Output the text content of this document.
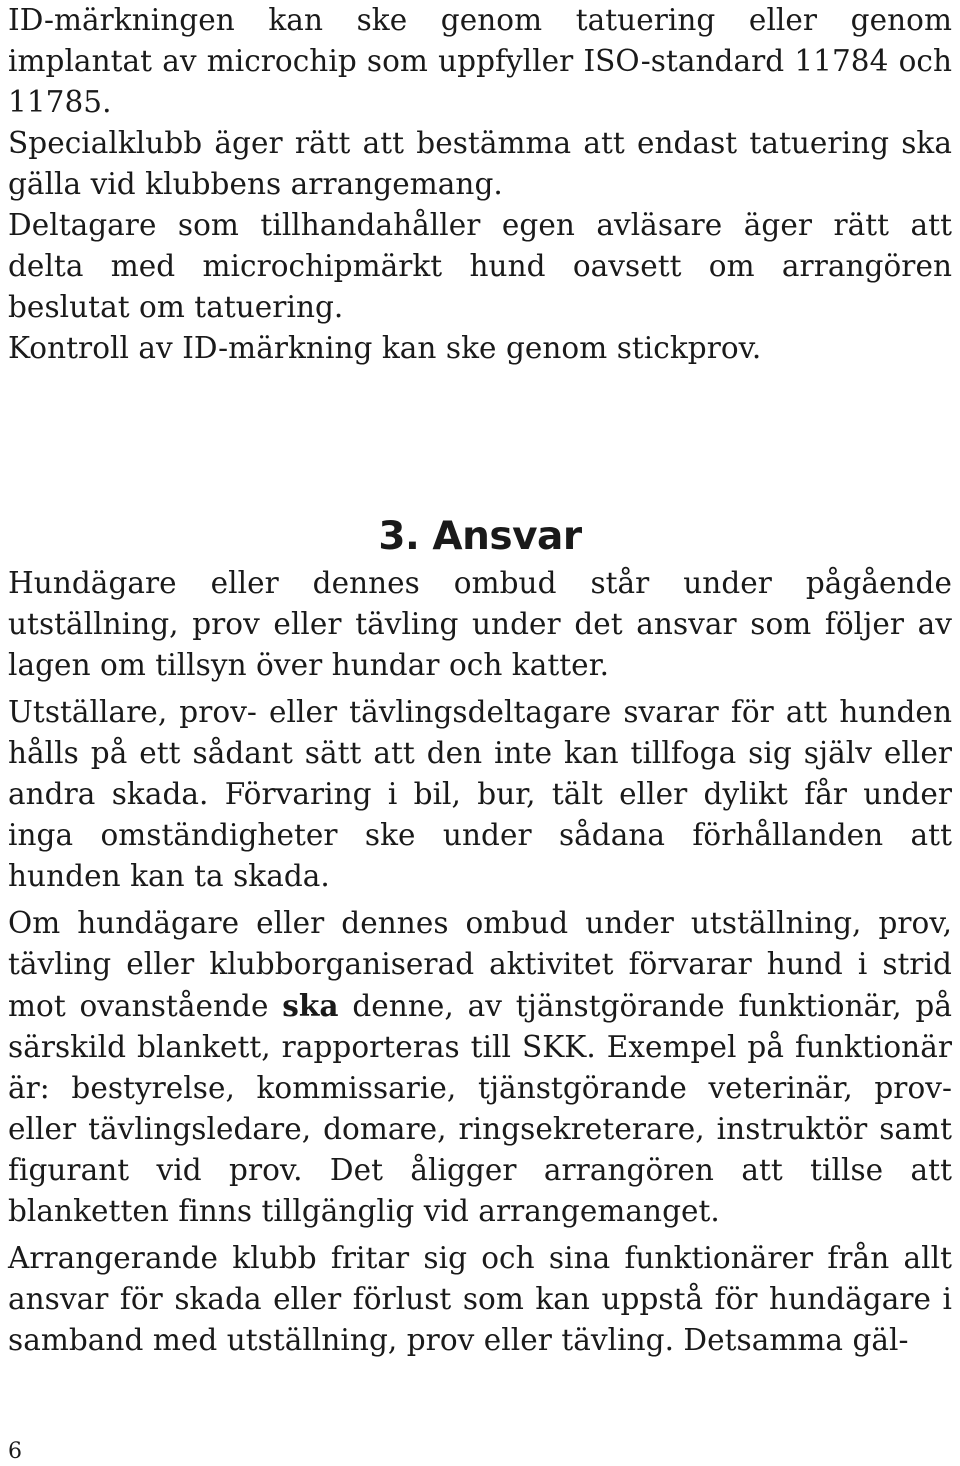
ID-märkningen kan ske genom tatuering eller genom implantat av microchip som uppfyller ISO-standard 11784 och 11785.

Specialklubb äger rätt att bestämma att endast tatuering ska gälla vid klubbens arrangemang.

Deltagare som tillhandahåller egen avläsare äger rätt att delta med microchipmärkt hund oavsett om arrangören beslutat om tatuering.

Kontroll av ID-märkning kan ske genom stickprov.

3. Ansvar

Hundägare eller dennes ombud står under pågående utställning, prov eller tävling under det ansvar som följer av lagen om tillsyn över hundar och katter.

Utställare, prov- eller tävlingsdeltagare svarar för att hunden hålls på ett sådant sätt att den inte kan tillfoga sig själv eller andra skada. Förvaring i bil, bur, tält eller dylikt får under inga omständigheter ske under sådana förhållanden att hunden kan ta skada.

Om hundägare eller dennes ombud under utställning, prov, tävling eller klubborganiserad aktivitet förvarar hund i strid mot ovanstående ska denne, av tjänstgörande funktionär, på särskild blankett, rapporteras till SKK. Exempel på funktionär är: bestyrelse, kommissarie, tjänstgörande veterinär, prov- eller tävlingsledare, domare, ringsekreterare, instruktör samt figurant vid prov. Det åligger arrangören att tillse att blanketten finns tillgänglig vid arrangemanget.

Arrangerande klubb fritar sig och sina funktionärer från allt ansvar för skada eller förlust som kan uppstå för hundägare i samband med utställning, prov eller tävling. Detsamma gäl-

6
